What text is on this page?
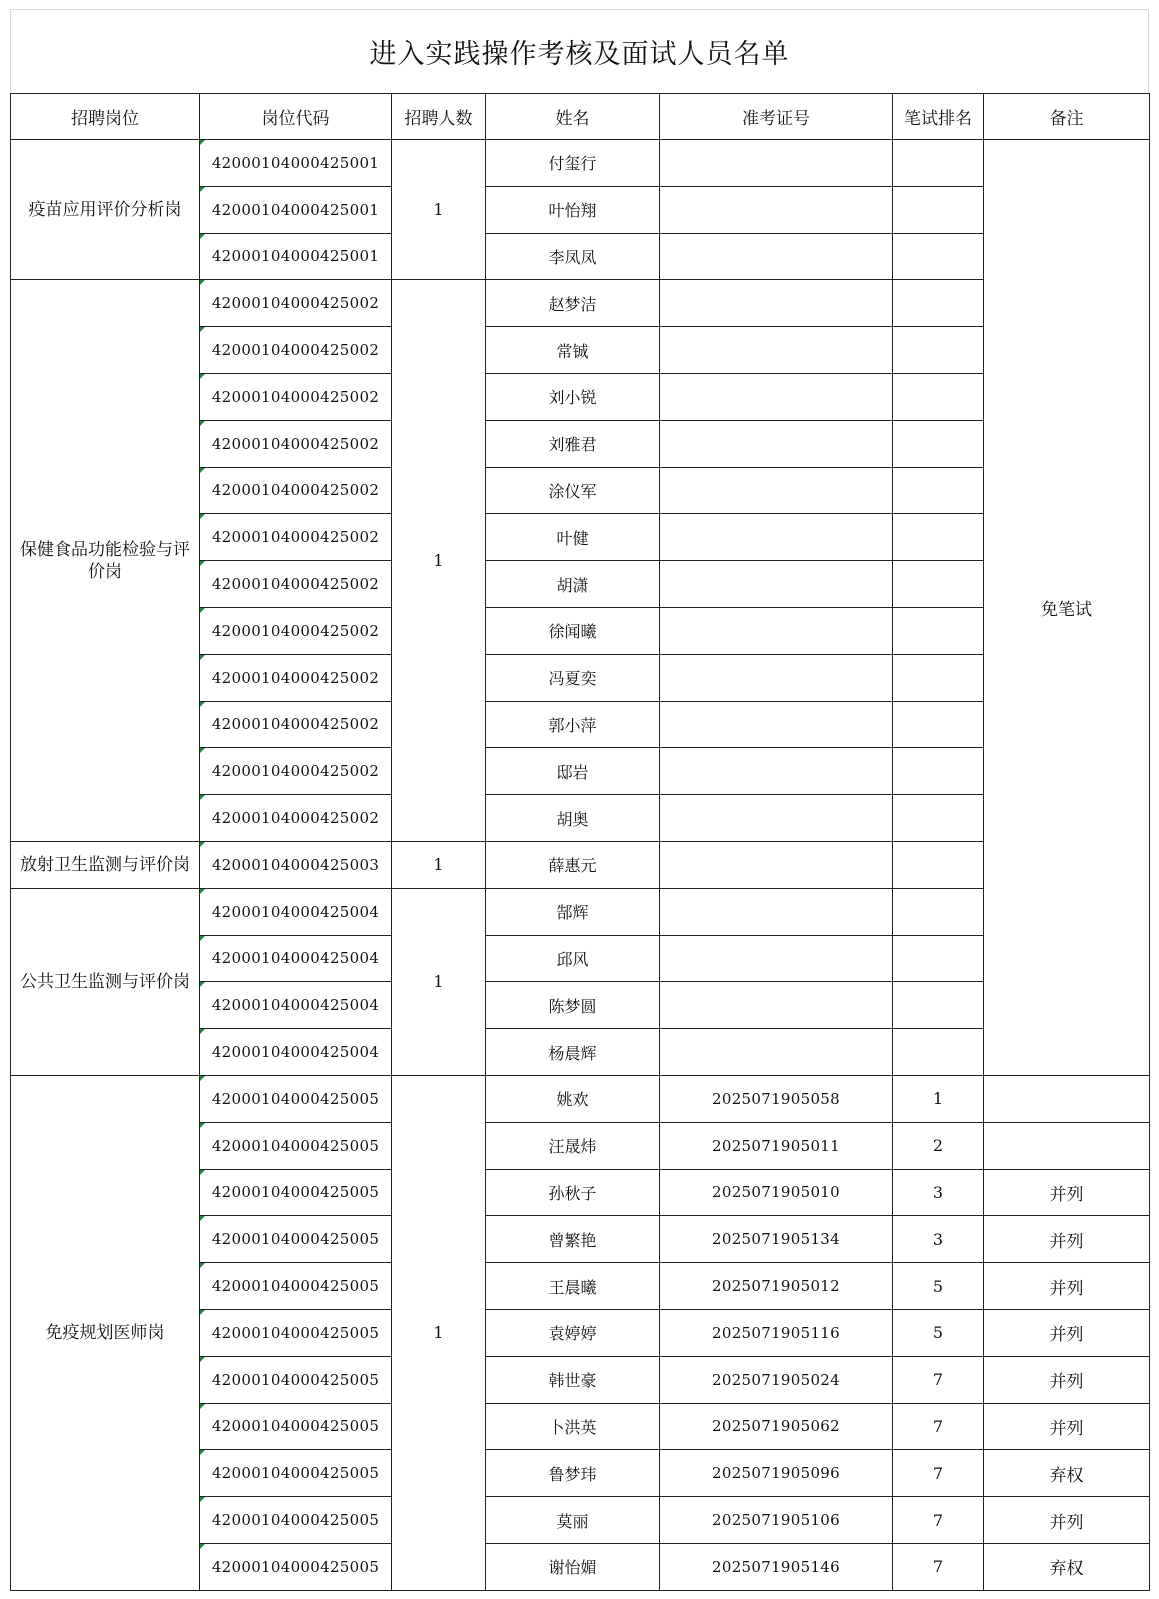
进入实践操作考核及面试人员名单
招聘岗位	岗位代码	招聘人数	姓名	准考证号	笔试排名	备注
疫苗应用评价分析岗	42000104000425001	1	付玺行			免笔试

42000104000425001		叶怡翔			

42000104000425001		李凤凤			
保健食品功能检验与评价岗	42000104000425002	1	赵梦洁			

42000104000425002		常铖			

42000104000425002		刘小锐			

42000104000425002		刘雅君			

42000104000425002		涂仪军			

42000104000425002		叶健			

42000104000425002		胡潇			

42000104000425002		徐闻曦			

42000104000425002		冯夏奕			

42000104000425002		郭小萍			

42000104000425002		邸岩			

42000104000425002		胡奥			
放射卫生监测与评价岗	42000104000425003	1	薛惠元			
公共卫生监测与评价岗	42000104000425004	1	郜辉			

42000104000425004		邱风			

42000104000425004		陈梦圆			

42000104000425004		杨晨辉			
免疫规划医师岗	42000104000425005	1	姚欢	2025071905058	1	

42000104000425005		汪晟炜	2025071905011	2	

42000104000425005		孙秋子	2025071905010	3	并列

42000104000425005		曾繁艳	2025071905134	3	并列

42000104000425005		王晨曦	2025071905012	5	并列

42000104000425005		袁婷婷	2025071905116	5	并列

42000104000425005		韩世豪	2025071905024	7	并列

42000104000425005		卜洪英	2025071905062	7	并列

42000104000425005		鲁梦玮	2025071905096	7	弃权

42000104000425005		莫丽	2025071905106	7	并列

42000104000425005		谢怡媚	2025071905146	7	弃权
